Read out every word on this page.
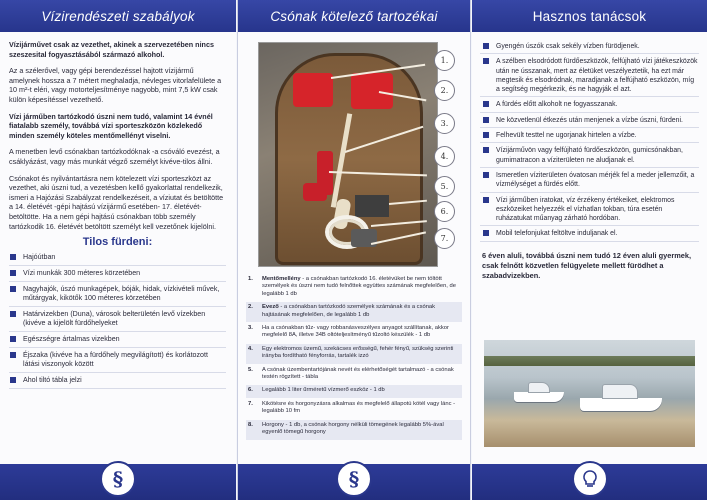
Vízirendészeti szabályok

Vízijárművet csak az vezethet, akinek a szervezetében nincs szeszesital fogyasztásából származó alkohol.

Az a szélerővel, vagy gépi berendezéssel hajtott vízijármű amelynek hossza a 7 métert meghaladja, névleges vitorlafelülete a 10 m²-t eléri, vagy motorteljesítménye nagyobb, mint 7,5 kW csak külön képesítéssel vezethető.

Vízi járműben tartózkodó úszni nem tudó, valamint 14 évnél fiatalabb személy, továbbá vízi sporteszközön közlekedő minden személy köteles mentőmellényt viselni.

A menetben levő csónakban tartózkodóknak -a csóváló evezést, a csáklyázást, vagy más munkát végző személyt kivéve-tilos állni.

Csónakot és nyilvántartásra nem kötelezett vízi sporteszközt az vezethet, aki úszni tud, a vezetésben kellő gyakorlattal rendelkezik, ismeri a Hajózási Szabályzat rendelkezéseit, a víziutat és betöltötte a 14. életévét -gépi hajtású vízijármű esetében- 17. életévét- betöltötte. Ha a nem gépi hajtású csónakban több személy tartózkodik 16. életévét betöltött személyt kell vezetőnek kijelölni.

Tilos fürdeni:
Hajóútban
Vízi munkák 300 méteres körzetében
Nagyhajók, úszó munkagépek, bóják, hidak, vízkivételi művek, műtárgyak, kikötők 100 méteres körzetében
Határvizekben (Duna), városok belterületén levő vízekben (kivéve a kijelölt fürdőhelyeket
Egészségre ártalmas vizekben
Éjszaka (kivéve ha a fürdőhely megvilágított) és korlátozott látási viszonyok között
Ahol tiltó tábla jelzi
§
Csónak kötelező tartozékai
1.
2.
3.
4.
5.
6.
7.
1.	Mentőmellény - a csónakban tartózkodó 16. életévüket be nem töltött személyek és úszni nem tudó felnőttek együttes számának megfelelően, de legalább 1 db
2.	Evező - a csónakban tartózkodó személyek számának és a csónak hajtásának megfelelően, de legalább 1 db
3.	Ha a csónakban tűz- vagy robbanásveszélyes anyagot szállítanak, akkor megfelelő 8A, illetve 34B oltóteljesítményű tűzoltó készülék - 1 db
4.	Egy elektromos üzemű, szekácses erősségű, fehér fényű, szükség szerinti irányba fordítható fényforrás, tartalék izzó
5.	A csónak üzembentartójának nevét és elérhetőségét tartalmazó - a csónak testén rögzített - tábla
6.	Legalább 1 liter űrméretű vízmerő eszköz - 1 db
7.	Kikötésre és horgonyzásra alkalmas és megfelelő állapotú kötél vagy lánc - legalább 10 fm
8.	Horgony - 1 db, a csónak horgony nélküli tömegének legalább 5%-ával egyenlő tömegű horgony
§
Hasznos tanácsok
Gyengén úszók csak sekély vízben fürödjenek.
A szélben elsodródott fürdőeszközök, felfújható vízi játékeszközök után ne ússzanak, mert az életüket veszélyeztetik, ha ezt már megtesik és elsodródnak, maradjanak a felfújható eszközön, míg a segítség megérkezik, és ne hagyják el azt.
A fürdés előtt alkoholt ne fogyasszanak.
Ne közvetlenül étkezés után menjenek a vízbe úszni, fürdeni.
Felhevült testtel ne ugorjanak hirtelen a vízbe.
Vízijárművön vagy felfújható fürdőeszközön, gumicsónakban, gumimatracon a víziterületen ne aludjanak el.
Ismeretlen víziterületen óvatosan mérjék fel a meder jellemzőit, a vízmélységet a fürdés előtt.
Vízi járműben iratokat, víz érzékeny értékeiket, elektromos eszközeiket helyezzék el vízhatlan tokban, túra esetén ruházatukat műanyag zárható hordóban.
Mobil telefonjukat feltöltve induljanak el.

6 éven aluli, továbbá úszni nem tudó 12 éven aluli gyermek, csak felnőtt közvetlen felügyelete mellett fürödhet a szabadvizekben.
